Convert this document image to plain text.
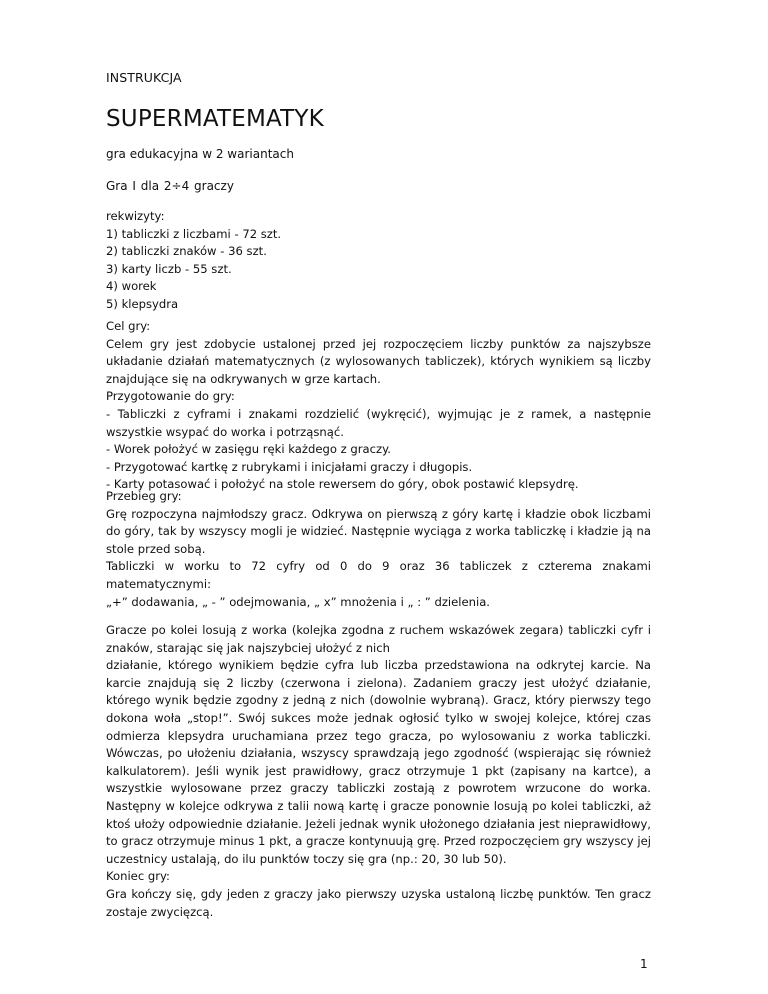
INSTRUKCJA
SUPERMATEMATYK
gra edukacyjna w 2 wariantach
Gra I dla 2÷4 graczy

rekwizyty:

1) tabliczki z liczbami - 72 szt.
2) tabliczki znaków - 36 szt.
3) karty liczb - 55 szt.
4) worek
5) klepsydra

Cel gry:

Celem gry jest zdobycie ustalonej przed jej rozpoczęciem liczby punktów za najszybsze układanie działań matematycznych (z wylosowanych tabliczek), których wynikiem są liczby znajdujące się na odkrywanych w grze kartach.

Przygotowanie do gry:

- Tabliczki z cyframi i znakami rozdzielić (wykręcić), wyjmując je z ramek, a następnie wszystkie wsypać do worka i potrząsnąć.

- Worek położyć w zasięgu ręki każdego z graczy.

- Przygotować kartkę z rubrykami i inicjałami graczy i długopis.

- Karty potasować i położyć na stole rewersem do góry, obok postawić klepsydrę.

Przebieg gry:

Grę rozpoczyna najmłodszy gracz. Odkrywa on pierwszą z góry kartę i kładzie obok liczbami do góry, tak by wszyscy mogli je widzieć. Następnie wyciąga z worka tabliczkę i kładzie ją na stole przed sobą.

Tabliczki w worku to 72 cyfry od 0 do 9 oraz 36 tabliczek z czterema znakami matematycznymi:

„+” dodawania, „ - ” odejmowania, „ x” mnożenia i „ : ” dzielenia.

Gracze po kolei losują z worka (kolejka zgodna z ruchem wskazówek zegara) tabliczki cyfr i znaków, starając się jak najszybciej ułożyć z nich

działanie, którego wynikiem będzie cyfra lub liczba przedstawiona na odkrytej karcie. Na karcie znajdują się 2 liczby (czerwona i zielona). Zadaniem graczy jest ułożyć działanie, którego wynik będzie zgodny z jedną z nich (dowolnie wybraną). Gracz, który pierwszy tego dokona woła „stop!”. Swój sukces może jednak ogłosić tylko w swojej kolejce, której czas odmierza klepsydra uruchamiana przez tego gracza, po wylosowaniu z worka tabliczki. Wówczas, po ułożeniu działania, wszyscy sprawdzają jego zgodność (wspierając się również kalkulatorem). Jeśli wynik jest prawidłowy, gracz otrzymuje 1 pkt (zapisany na kartce), a wszystkie wylosowane przez graczy tabliczki zostają z powrotem wrzucone do worka. Następny w kolejce odkrywa z talii nową kartę i gracze ponownie losują po kolei tabliczki, aż ktoś ułoży odpowiednie działanie. Jeżeli jednak wynik ułożonego działania jest nieprawidłowy, to gracz otrzymuje minus 1 pkt, a gracze kontynuują grę. Przed rozpoczęciem gry wszyscy jej uczestnicy ustalają, do ilu punktów toczy się gra (np.: 20, 30 lub 50).

Koniec gry:

Gra kończy się, gdy jeden z graczy jako pierwszy uzyska ustaloną liczbę punktów. Ten gracz zostaje zwycięzcą.

1
